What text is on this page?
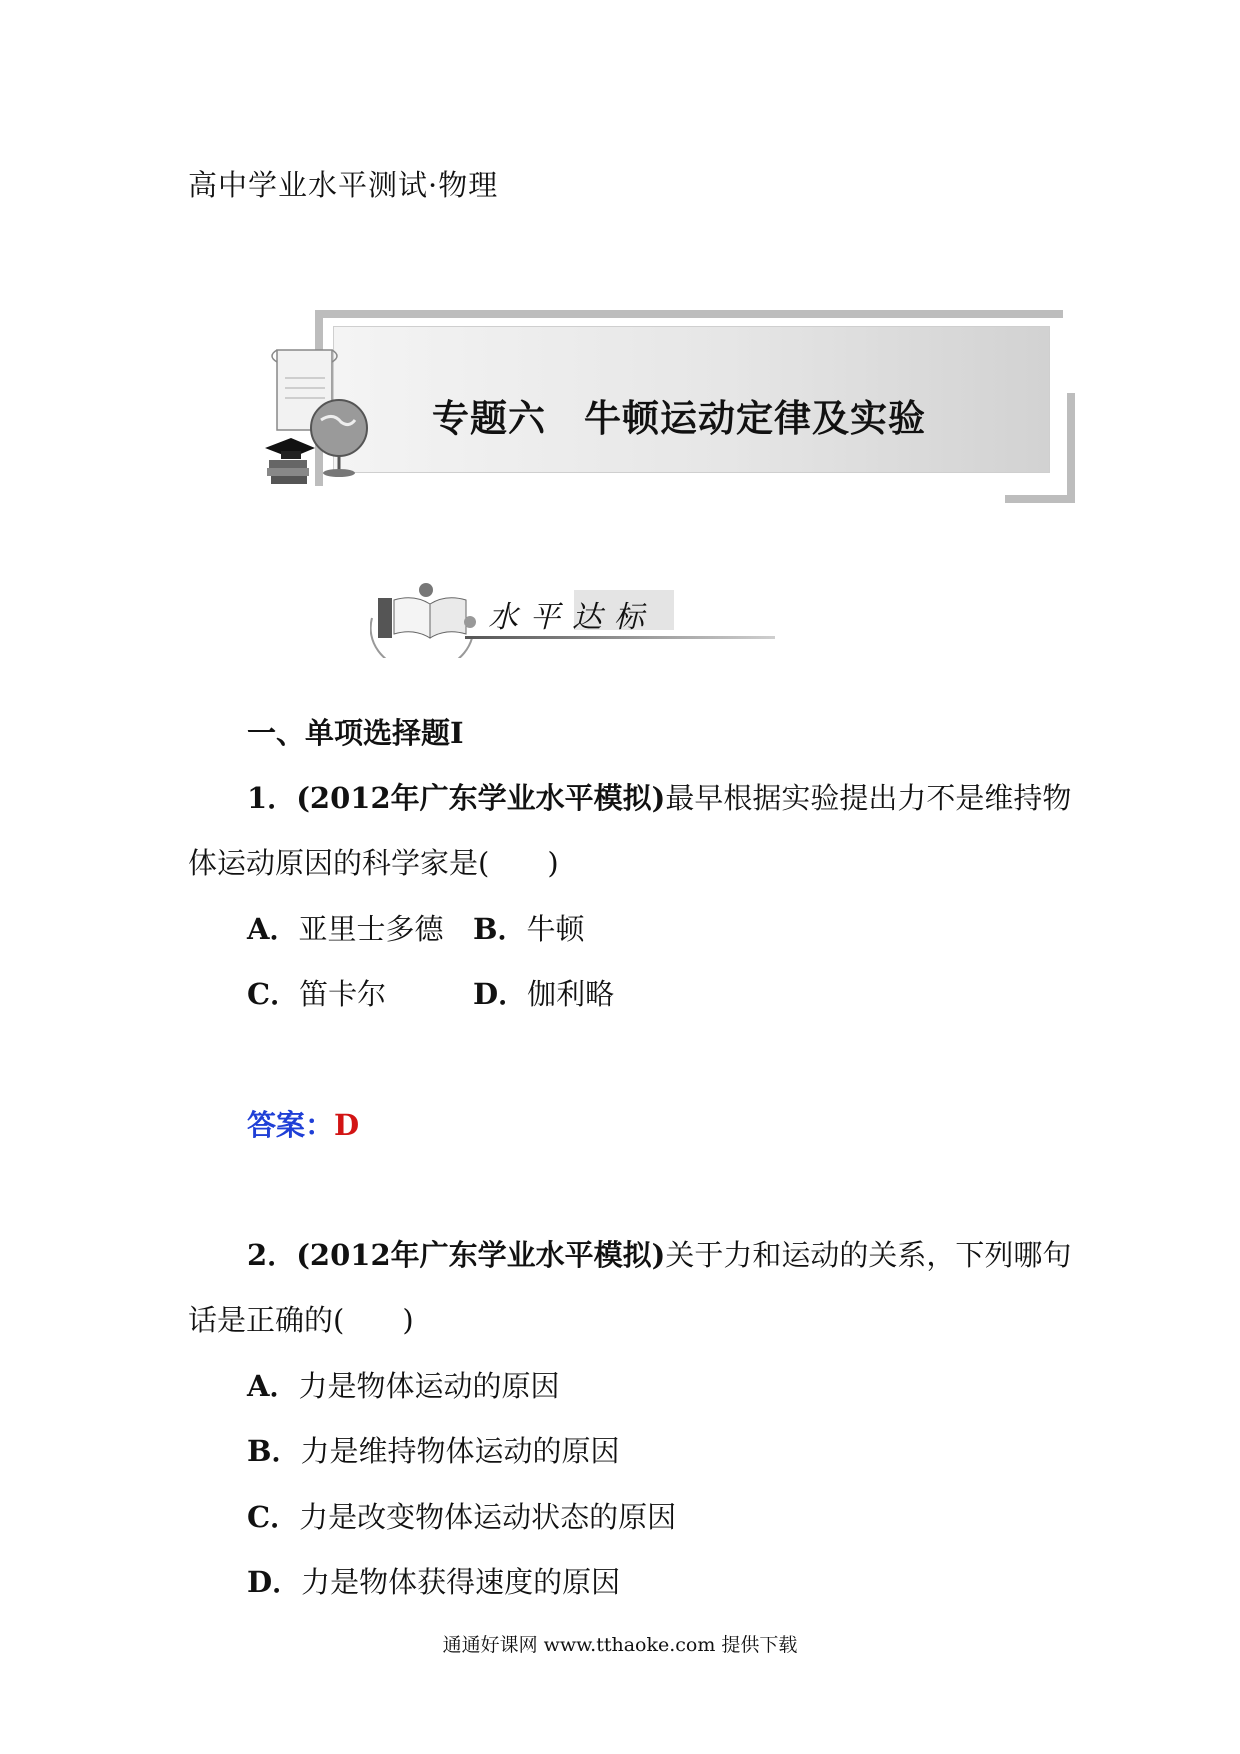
高中学业水平测试·物理
专题六　牛顿运动定律及实验
水平达标
一、单项选择题Ⅰ
1．(2012年广东学业水平模拟)最早根据实验提出力不是维持物
体运动原因的科学家是(　　)
A．亚里士多德 B．牛顿
C．笛卡尔	D．伽利略
答案：D
2．(2012年广东学业水平模拟)关于力和运动的关系，下列哪句
话是正确的(　　)
A．力是物体运动的原因
B．力是维持物体运动的原因
C．力是改变物体运动状态的原因
D．力是物体获得速度的原因
通通好课网 www.tthaoke.com 提供下载
